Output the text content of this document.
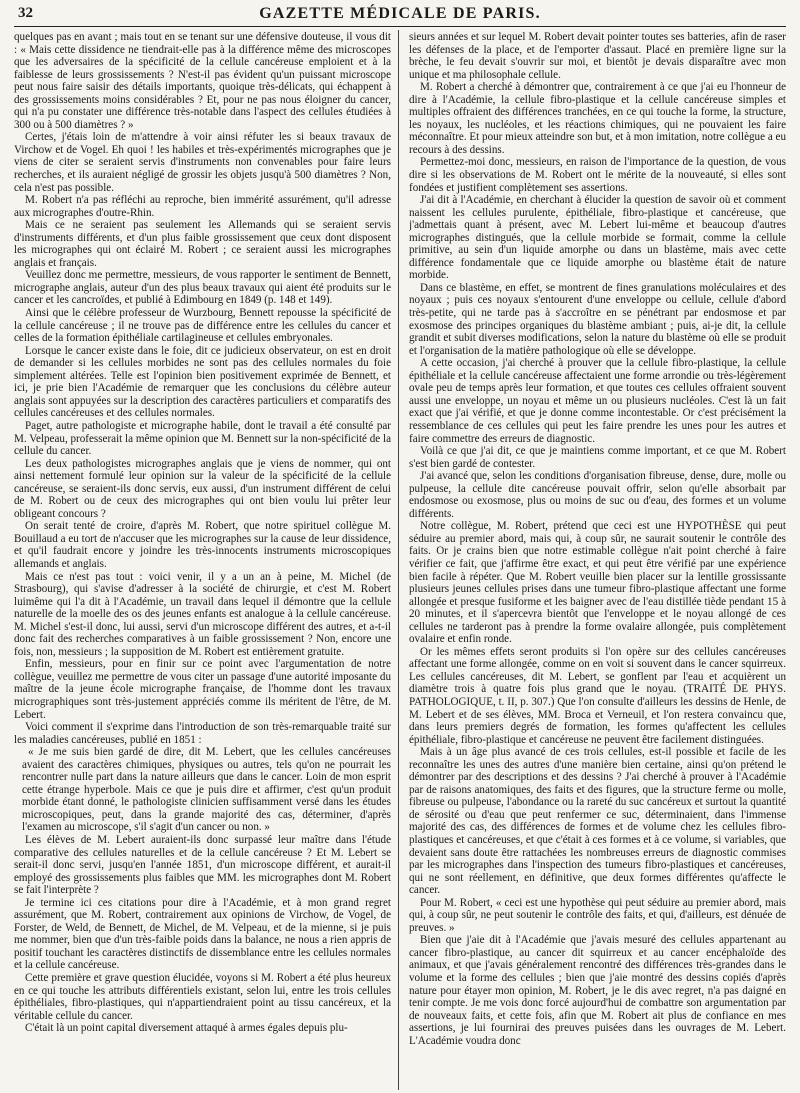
32	GAZETTE MÉDICALE DE PARIS.

quelques pas en avant ; mais tout en se tenant sur une défensive douteuse, il vous dit : « Mais cette dissidence ne tiendrait-elle pas à la différence même des microscopes que les adversaires de la spécificité de la cellule cancéreuse emploient et à la faiblesse de leurs grossissements ? N'est-il pas évident qu'un puissant microscope peut nous faire saisir des détails importants, quoique très-délicats, qui échappent à des grossissements moins considérables ? Et, pour ne pas nous éloigner du cancer, qui n'a pu constater une différence très-notable dans l'aspect des cellules étudiées à 300 ou à 500 diamètres ? »

Certes, j'étais loin de m'attendre à voir ainsi réfuter les si beaux travaux de Virchow et de Vogel. Eh quoi ! les habiles et très-expérimentés micrographes que je viens de citer se seraient servis d'instruments non convenables pour faire leurs recherches, et ils auraient négligé de grossir les objets jusqu'à 500 diamètres ? Non, cela n'est pas possible.

M. Robert n'a pas réfléchi au reproche, bien immérité assurément, qu'il adresse aux micrographes d'outre-Rhin.

Mais ce ne seraient pas seulement les Allemands qui se seraient servis d'instruments différents, et d'un plus faible grossissement que ceux dont disposent les micrographes qui ont éclairé M. Robert ; ce seraient aussi les micrographes anglais et français.

Veuillez donc me permettre, messieurs, de vous rapporter le sentiment de Bennett, micrographe anglais, auteur d'un des plus beaux travaux qui aient été produits sur le cancer et les cancroïdes, et publié à Edimbourg en 1849 (p. 148 et 149).

Ainsi que le célèbre professeur de Wurzbourg, Bennett repousse la spécificité de la cellule cancéreuse ; il ne trouve pas de différence entre les cellules du cancer et celles de la formation épithéliale cartilagineuse et cellules embryonales.

Lorsque le cancer existe dans le foie, dit ce judicieux observateur, on est en droit de demander si les cellules morbides ne sont pas des cellules normales du foie simplement altérées. Telle est l'opinion bien positivement exprimée de Bennett, et ici, je prie bien l'Académie de remarquer que les conclusions du célèbre auteur anglais sont appuyées sur la description des caractères particuliers et comparatifs des cellules cancéreuses et des cellules normales.

Paget, autre pathologiste et micrographe habile, dont le travail a été consulté par M. Velpeau, professerait la même opinion que M. Bennett sur la non-spécificité de la cellule du cancer.

Les deux pathologistes micrographes anglais que je viens de nommer, qui ont ainsi nettement formulé leur opinion sur la valeur de la spécificité de la cellule cancéreuse, se seraient-ils donc servis, eux aussi, d'un instrument différent de celui de M. Robert ou de ceux des micrographes qui ont bien voulu lui prêter leur obligeant concours ?

On serait tenté de croire, d'après M. Robert, que notre spirituel collègue M. Bouillaud a eu tort de n'accuser que les micrographes sur la cause de leur dissidence, et qu'il faudrait encore y joindre les très-innocents instruments microscopiques allemands et anglais.

Mais ce n'est pas tout : voici venir, il y a un an à peine, M. Michel (de Strasbourg), qui s'avise d'adresser à la société de chirurgie, et c'est M. Robert luimême qui l'a dit à l'Académie, un travail dans lequel il démontre que la cellule naturelle de la moelle des os des jeunes enfants est analogue à la cellule cancéreuse. M. Michel s'est-il donc, lui aussi, servi d'un microscope différent des autres, et a-t-il donc fait des recherches comparatives à un faible grossissement ? Non, encore une fois, non, messieurs ; la supposition de M. Robert est entièrement gratuite.

Enfin, messieurs, pour en finir sur ce point avec l'argumentation de notre collègue, veuillez me permettre de vous citer un passage d'une autorité imposante du maître de la jeune école micrographe française, de l'homme dont les travaux micrographiques sont très-justement appréciés comme ils méritent de l'être, de M. Lebert.

Voici comment il s'exprime dans l'introduction de son très-remarquable traité sur les maladies cancéreuses, publié en 1851 :

« Je me suis bien gardé de dire, dit M. Lebert, que les cellules cancéreuses avaient des caractères chimiques, physiques ou autres, tels qu'on ne pourrait les rencontrer nulle part dans la nature ailleurs que dans le cancer. Loin de mon esprit cette étrange hyperbole. Mais ce que je puis dire et affirmer, c'est qu'un produit morbide étant donné, le pathologiste clinicien suffisamment versé dans les études microscopiques, peut, dans la grande majorité des cas, déterminer, d'après l'examen au microscope, s'il s'agit d'un cancer ou non. »

Les élèves de M. Lebert auraient-ils donc surpassé leur maître dans l'étude comparative des cellules naturelles et de la cellule cancéreuse ? Et M. Lebert se serait-il donc servi, jusqu'en l'année 1851, d'un microscope différent, et aurait-il employé des grossissements plus faibles que MM. les micrographes dont M. Robert se fait l'interprète ?

Je termine ici ces citations pour dire à l'Académie, et à mon grand regret assurément, que M. Robert, contrairement aux opinions de Virchow, de Vogel, de Forster, de Weld, de Bennett, de Michel, de M. Velpeau, et de la mienne, si je puis me nommer, bien que d'un très-faible poids dans la balance, ne nous a rien appris de positif touchant les caractères distinctifs de dissemblance entre les cellules normales et la cellule cancéreuse.

Cette première et grave question élucidée, voyons si M. Robert a été plus heureux en ce qui touche les attributs différentiels existant, selon lui, entre les trois cellules épithéliales, fibro-plastiques, qui n'appartiendraient point au tissu cancéreux, et la véritable cellule du cancer.

C'était là un point capital diversement attaqué à armes égales depuis plu-

sieurs années et sur lequel M. Robert devait pointer toutes ses batteries, afin de raser les défenses de la place, et de l'emporter d'assaut. Placé en première ligne sur la brèche, le feu devait s'ouvrir sur moi, et bientôt je devais disparaître avec mon unique et ma philosophale cellule.

M. Robert a cherché à démontrer que, contrairement à ce que j'ai eu l'honneur de dire à l'Académie, la cellule fibro-plastique et la cellule cancéreuse simples et multiples offraient des différences tranchées, en ce qui touche la forme, la structure, les noyaux, les nucléoles, et les réactions chimiques, qui ne pouvaient les faire méconnaître. Et pour mieux atteindre son but, et à mon imitation, notre collègue a eu recours à des dessins.

Permettez-moi donc, messieurs, en raison de l'importance de la question, de vous dire si les observations de M. Robert ont le mérite de la nouveauté, si elles sont fondées et justifient complètement ses assertions.

J'ai dit à l'Académie, en cherchant à élucider la question de savoir où et comment naissent les cellules purulente, épithéliale, fibro-plastique et cancéreuse, que j'admettais quant à présent, avec M. Lebert lui-même et beaucoup d'autres micrographes distingués, que la cellule morbide se formait, comme la cellule primitive, au sein d'un liquide amorphe ou dans un blastème, mais avec cette différence fondamentale que ce liquide amorphe ou blastème était de nature morbide.

Dans ce blastème, en effet, se montrent de fines granulations moléculaires et des noyaux ; puis ces noyaux s'entourent d'une enveloppe ou cellule, cellule d'abord très-petite, qui ne tarde pas à s'accroître en se pénétrant par endosmose et par exosmose des principes organiques du blastème ambiant ; puis, ai-je dit, la cellule grandit et subit diverses modifications, selon la nature du blastème où elle se produit et l'organisation de la matière pathologique où elle se développe.

A cette occasion, j'ai cherché à prouver que la cellule fibro-plastique, la cellule épithéliale et la cellule cancéreuse affectaient une forme arrondie ou très-légèrement ovale peu de temps après leur formation, et que toutes ces cellules offraient souvent aussi une enveloppe, un noyau et même un ou plusieurs nucléoles. C'est là un fait exact que j'ai vérifié, et que je donne comme incontestable. Or c'est précisément la ressemblance de ces cellules qui peut les faire prendre les unes pour les autres et faire commettre des erreurs de diagnostic.

Voilà ce que j'ai dit, ce que je maintiens comme important, et ce que M. Robert s'est bien gardé de contester.

J'ai avancé que, selon les conditions d'organisation fibreuse, dense, dure, molle ou pulpeuse, la cellule dite cancéreuse pouvait offrir, selon qu'elle absorbait par endosmose ou exosmose, plus ou moins de suc ou d'eau, des formes et un volume différents.

Notre collègue, M. Robert, prétend que ceci est une HYPOTHÈSE qui peut séduire au premier abord, mais qui, à coup sûr, ne saurait soutenir le contrôle des faits. Or je crains bien que notre estimable collègue n'ait point cherché à faire vérifier ce fait, que j'affirme être exact, et qui peut être vérifié par une expérience bien facile à répéter. Que M. Robert veuille bien placer sur la lentille grossissante plusieurs jeunes cellules prises dans une tumeur fibro-plastique affectant une forme allongée et presque fusiforme et les baigner avec de l'eau distillée tiède pendant 15 à 20 minutes, et il s'apercevra bientôt que l'enveloppe et le noyau allongé de ces cellules ne tarderont pas à prendre la forme ovalaire allongée, puis complètement ovalaire et enfin ronde.

Or les mêmes effets seront produits si l'on opère sur des cellules cancéreuses affectant une forme allongée, comme on en voit si souvent dans le cancer squirreux. Les cellules cancéreuses, dit M. Lebert, se gonflent par l'eau et acquièrent un diamètre trois à quatre fois plus grand que le noyau. (TRAITÉ DE PHYS. PATHOLOGIQUE, t. II, p. 307.) Que l'on consulte d'ailleurs les dessins de Henle, de M. Lebert et de ses élèves, MM. Broca et Verneuil, et l'on restera convaincu que, dans leurs premiers degrés de formation, les formes qu'affectent les cellules épithéliale, fibro-plastique et cancéreuse ne peuvent être facilement distinguées.

Mais à un âge plus avancé de ces trois cellules, est-il possible et facile de les reconnaître les unes des autres d'une manière bien certaine, ainsi qu'on prétend le démontrer par des descriptions et des dessins ? J'ai cherché à prouver à l'Académie par de raisons anatomiques, des faits et des figures, que la structure ferme ou molle, fibreuse ou pulpeuse, l'abondance ou la rareté du suc cancéreux et surtout la quantité de sérosité ou d'eau que peut renfermer ce suc, déterminaient, dans l'immense majorité des cas, des différences de formes et de volume chez les cellules fibro-plastiques et cancéreuses, et que c'était à ces formes et à ce volume, si variables, que devaient sans doute être rattachées les nombreuses erreurs de diagnostic commises par les micrographes dans l'inspection des tumeurs fibro-plastiques et cancéreuses, qui ne sont réellement, en définitive, que deux formes différentes qu'affecte le cancer.

Pour M. Robert, « ceci est une hypothèse qui peut séduire au premier abord, mais qui, à coup sûr, ne peut soutenir le contrôle des faits, et qui, d'ailleurs, est dénuée de preuves. »

Bien que j'aie dit à l'Académie que j'avais mesuré des cellules appartenant au cancer fibro-plastique, au cancer dit squirreux et au cancer encéphaloïde des animaux, et que j'avais généralement rencontré des différences très-grandes dans le volume et la forme des cellules ; bien que j'aie montré des dessins copiés d'après nature pour étayer mon opinion, M. Robert, je le dis avec regret, n'a pas daigné en tenir compte. Je me vois donc forcé aujourd'hui de combattre son argumentation par de nouveaux faits, et cette fois, afin que M. Robert ait plus de confiance en mes assertions, je lui fournirai des preuves puisées dans les ouvrages de M. Lebert. L'Académie voudra donc
